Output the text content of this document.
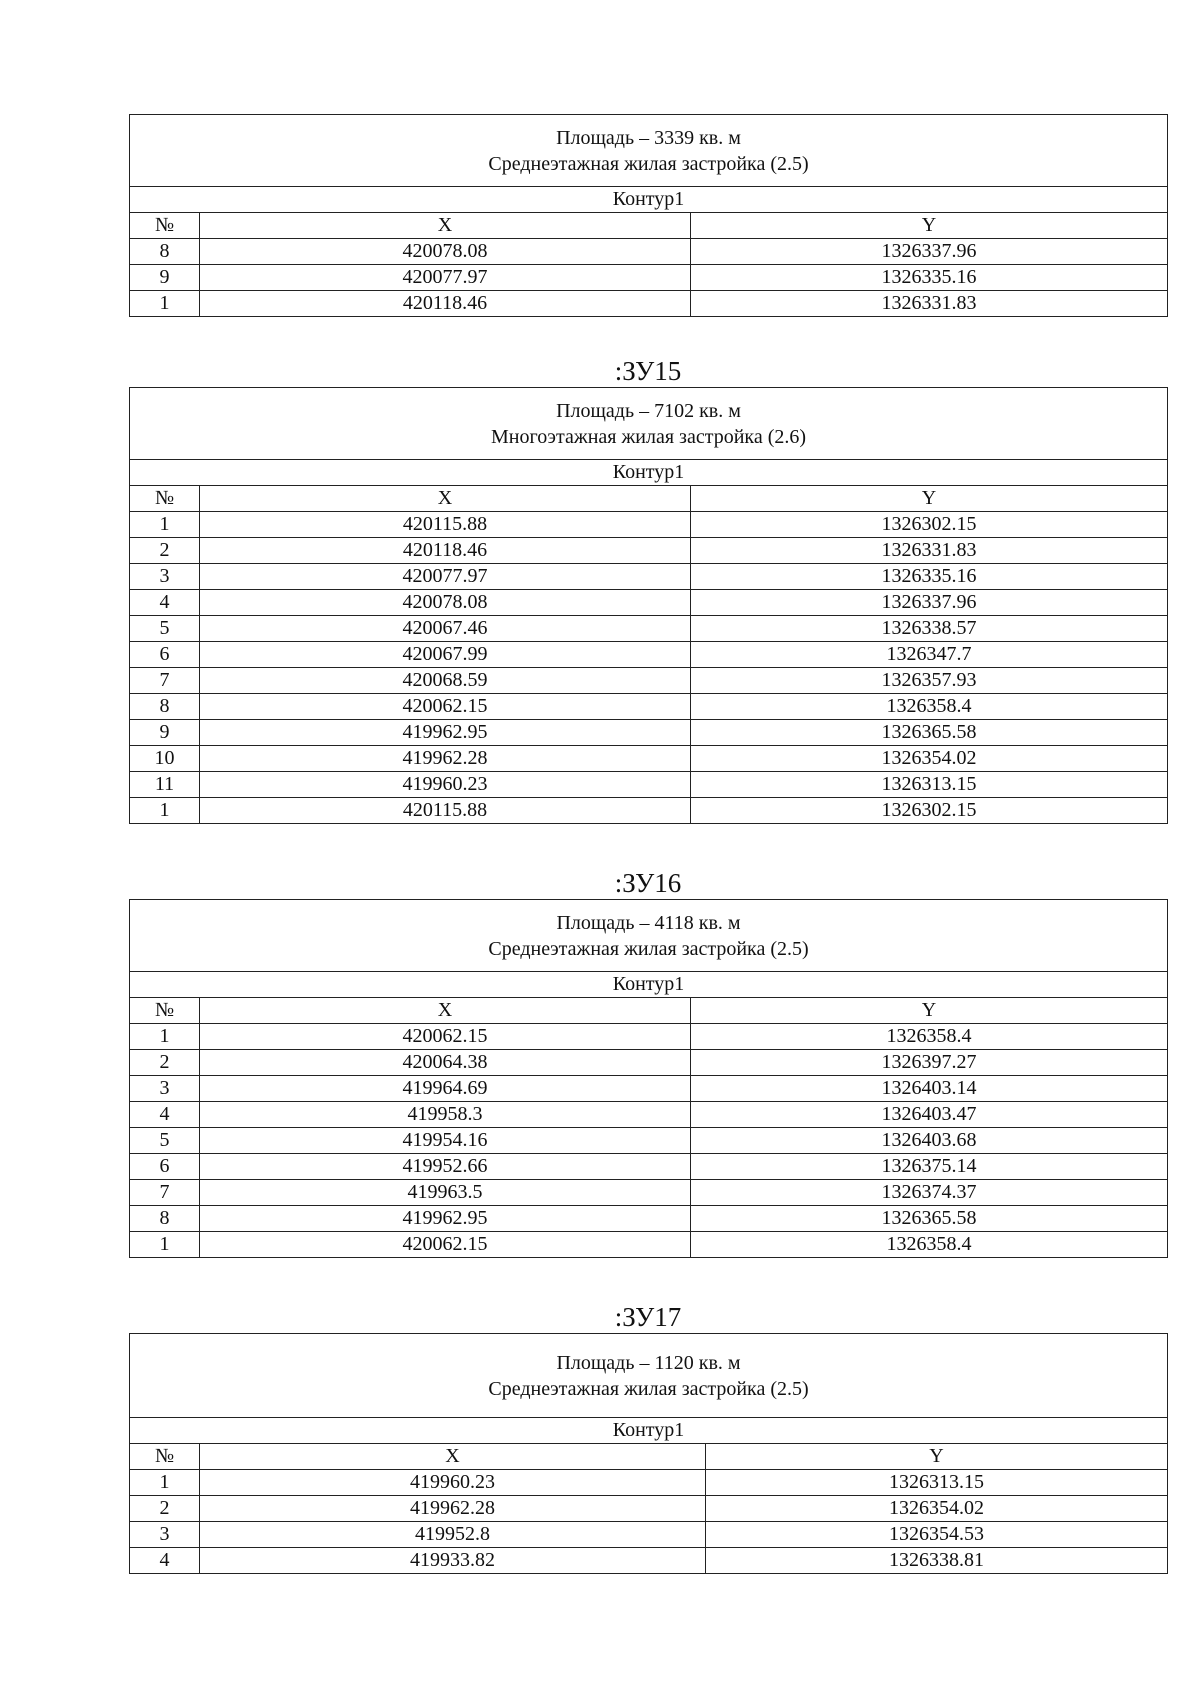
Площадь – 3339 кв. м
Среднеэтажная жилая застройка (2.5)		

Контур1		
№	X	Y
8	420078.08	1326337.96
9	420077.97	1326335.16
1	420118.46	1326331.83
:ЗУ15
Площадь – 7102 кв. м
Многоэтажная жилая застройка (2.6)		

Контур1		
№	X	Y
1	420115.88	1326302.15
2	420118.46	1326331.83
3	420077.97	1326335.16
4	420078.08	1326337.96
5	420067.46	1326338.57
6	420067.99	1326347.7
7	420068.59	1326357.93
8	420062.15	1326358.4
9	419962.95	1326365.58
10	419962.28	1326354.02
11	419960.23	1326313.15
1	420115.88	1326302.15
:ЗУ16
Площадь – 4118 кв. м
Среднеэтажная жилая застройка (2.5)		

Контур1		
№	X	Y
1	420062.15	1326358.4
2	420064.38	1326397.27
3	419964.69	1326403.14
4	419958.3	1326403.47
5	419954.16	1326403.68
6	419952.66	1326375.14
7	419963.5	1326374.37
8	419962.95	1326365.58
1	420062.15	1326358.4
:ЗУ17
Площадь – 1120 кв. м
Среднеэтажная жилая застройка (2.5)		

Контур1		
№	X	Y
1	419960.23	1326313.15
2	419962.28	1326354.02
3	419952.8	1326354.53
4	419933.82	1326338.81
